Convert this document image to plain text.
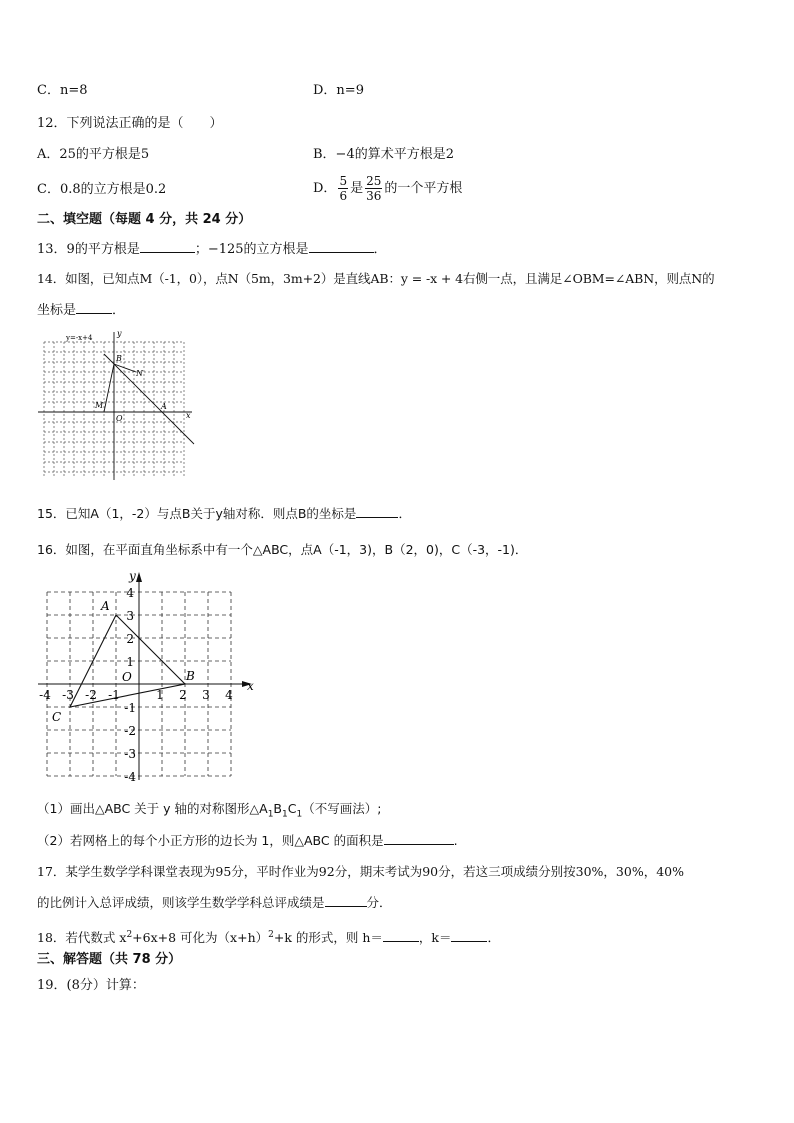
C．n=8	D．n=9
12．下列说法正确的是（　　）
A．25的平方根是5	B．−4的算术平方根是2
C．0.8的立方根是0.2	D． $\frac{5}{6}$ 是 $\frac{25}{36}$ 的一个平方根
二、填空题（每题 4 分，共 24 分）
13．9的平方根是	；−125的立方根是	．
14．如图，已知点M（-1，0），点N（5m，3m+2）是直线AB：y = -x + 4右侧一点，且满足∠OBM=∠ABN，则点N的
坐标是	．
y=-x+4	y
B
N
M
O
A
x
15．已知A（1，-2）与点B关于y轴对称．则点B的坐标是	．
16．如图，在平面直角坐标系中有一个△ABC，点A（-1，3)，B（2，0)，C（-3，-1)．
y
x
A
B
C
O
4
3
2
1
-1
-2
-3
-4
-4 -3 -2 -1	1 2 3 4
（1）画出△ABC 关于 y 轴的对称图形$\triangle A_1B_1C_1$（不写画法）;
（2）若网格上的每个小正方形的边长为 1，则△ABC 的面积是	.
17．某学生数学学科课堂表现为95分，平时作业为92分，期末考试为90分，若这三项成绩分别按30%，30%，40%
的比例计入总评成绩，则该学生数学学科总评成绩是	分．
18．若代数式 $x^2+6x+8$ 可化为$(x+h)^2+k$ 的形式，则 h＝	，k＝	．
三、解答题（共 78 分）
19．(8分）计算：
